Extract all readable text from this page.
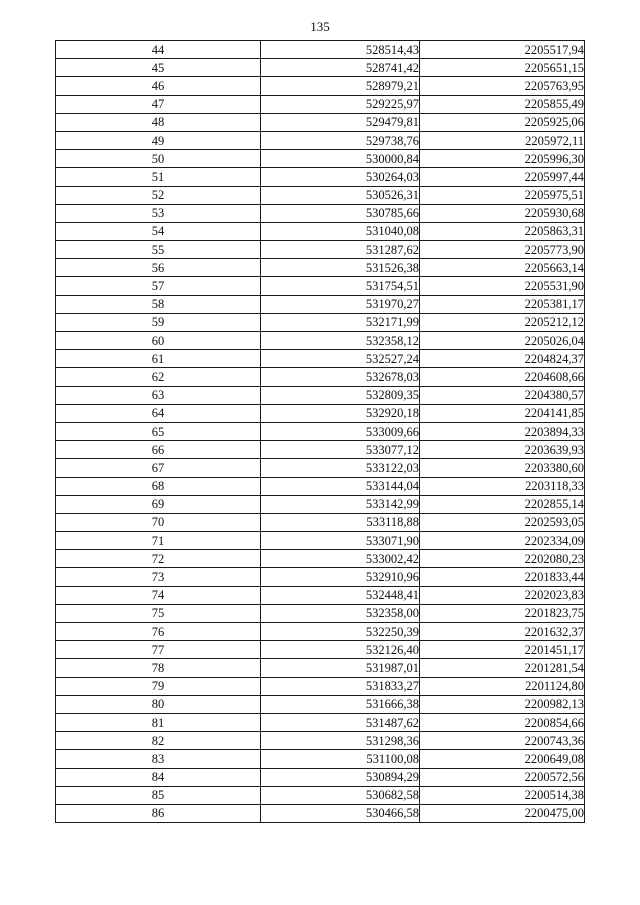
135
44	528514,43	2205517,94
45	528741,42	2205651,15
46	528979,21	2205763,95
47	529225,97	2205855,49
48	529479,81	2205925,06
49	529738,76	2205972,11
50	530000,84	2205996,30
51	530264,03	2205997,44
52	530526,31	2205975,51
53	530785,66	2205930,68
54	531040,08	2205863,31
55	531287,62	2205773,90
56	531526,38	2205663,14
57	531754,51	2205531,90
58	531970,27	2205381,17
59	532171,99	2205212,12
60	532358,12	2205026,04
61	532527,24	2204824,37
62	532678,03	2204608,66
63	532809,35	2204380,57
64	532920,18	2204141,85
65	533009,66	2203894,33
66	533077,12	2203639,93
67	533122,03	2203380,60
68	533144,04	2203118,33
69	533142,99	2202855,14
70	533118,88	2202593,05
71	533071,90	2202334,09
72	533002,42	2202080,23
73	532910,96	2201833,44
74	532448,41	2202023,83
75	532358,00	2201823,75
76	532250,39	2201632,37
77	532126,40	2201451,17
78	531987,01	2201281,54
79	531833,27	2201124,80
80	531666,38	2200982,13
81	531487,62	2200854,66
82	531298,36	2200743,36
83	531100,08	2200649,08
84	530894,29	2200572,56
85	530682,58	2200514,38
86	530466,58	2200475,00
